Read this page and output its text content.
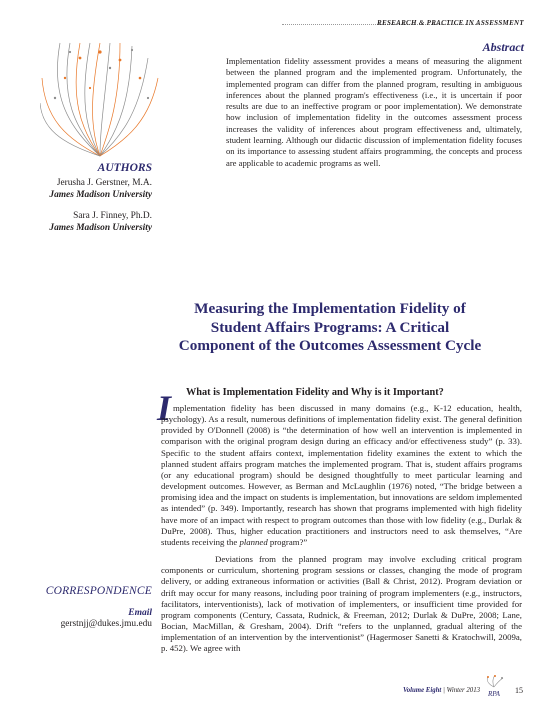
RESEARCH & PRACTICE IN ASSESSMENT
Abstract
Implementation fidelity assessment provides a means of measuring the alignment between the planned program and the implemented program. Unfortunately, the implemented program can differ from the planned program, resulting in ambiguous inferences about the planned program's effectiveness (i.e., it is uncertain if poor results are due to an ineffective program or poor implementation). We demonstrate how inclusion of implementation fidelity in the outcomes assessment process increases the validity of inferences about program effectiveness and, ultimately, student learning. Although our didactic discussion of implementation fidelity focuses on its importance to assessing student affairs programming, the concepts and process are applicable to academic programs as well.
AUTHORS
Jerusha J. Gerstner, M.A.
James Madison University
Sara J. Finney, Ph.D.
James Madison University
Measuring the Implementation Fidelity of
Student Affairs Programs: A Critical
Component of the Outcomes Assessment Cycle
I What is Implementation Fidelity and Why is it Important?

mplementation fidelity has been discussed in many domains (e.g., K-12 education, health, psychology). As a result, numerous definitions of implementation fidelity exist. The general definition provided by O'Donnell (2008) is “the determination of how well an intervention is implemented in comparison with the original program design during an efficacy and/or effectiveness study” (p. 33). Specific to the student affairs context, implementation fidelity examines the extent to which the planned student affairs program matches the implemented program. That is, student affairs programs (or any educational program) should be designed thoughtfully to meet particular learning and development outcomes. However, as Berman and McLaughlin (1976) noted, “The bridge between a promising idea and the impact on students is implementation, but innovations are seldom implemented as intended” (p. 349). Importantly, research has shown that programs implemented with high fidelity have more of an impact with respect to program outcomes than those with low fidelity (e.g., Durlak & DuPre, 2008). Thus, higher education practitioners and instructors need to ask themselves, “Are students receiving the planned program?”

Deviations from the planned program may involve excluding critical program components or curriculum, shortening program sessions or classes, changing the mode of program delivery, or adding extraneous information or activities (Ball & Christ, 2012). Program deviation or drift may occur for many reasons, including poor training of program implementers (e.g., instructors, facilitators, interventionists), lack of motivation of implementers, or insufficient time provided for program components (Century, Cassata, Rudnick, & Freeman, 2012; Durlak & DuPre, 2008; Lane, Bocian, MacMillan, & Gresham, 2004). Drift “refers to the unplanned, gradual altering of the implementation of an intervention by the interventionist” (Hagermoser Sanetti & Kratochwill, 2009a, p. 452). We agree with

CORRESPONDENCE
Email
gerstnjj@dukes.jmu.edu
Volume Eight | Winter 2013 RPA 15
